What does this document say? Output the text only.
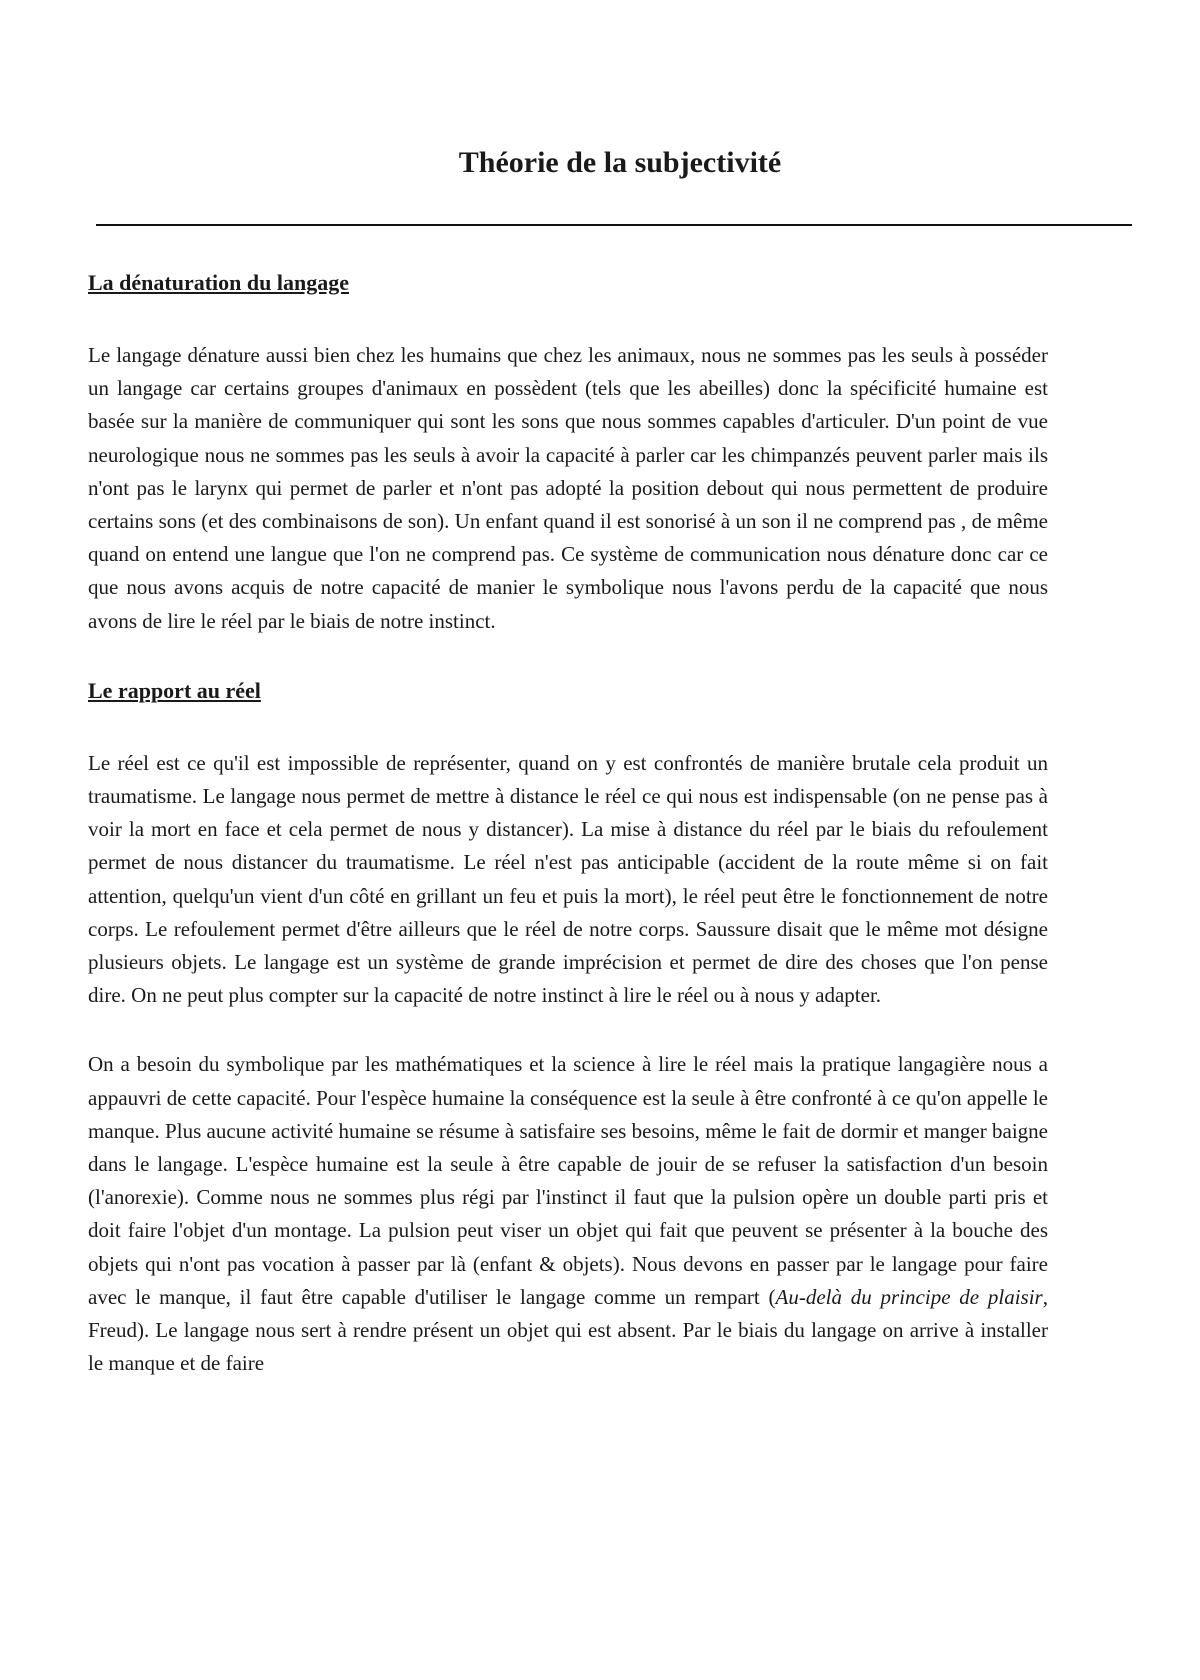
Théorie de la subjectivité
La dénaturation du langage

Le langage dénature aussi bien chez les humains que chez les animaux, nous ne sommes pas les seuls à posséder un langage car certains groupes d'animaux en possèdent (tels que les abeilles) donc la spécificité humaine est basée sur la manière de communiquer qui sont les sons que nous sommes capables d'articuler. D'un point de vue neurologique nous ne sommes pas les seuls à avoir la capacité à parler car les chimpanzés peuvent parler mais ils n'ont pas le larynx qui permet de parler et n'ont pas adopté la position debout qui nous permettent de produire certains sons (et des combinaisons de son). Un enfant quand il est sonorisé à un son il ne comprend pas , de même quand on entend une langue que l'on ne comprend pas. Ce système de communication nous dénature donc car ce que nous avons acquis de notre capacité de manier le symbolique nous l'avons perdu de la capacité que nous avons de lire le réel par le biais de notre instinct.

Le rapport au réel

Le réel est ce qu'il est impossible de représenter, quand on y est confrontés de manière brutale cela produit un traumatisme. Le langage nous permet de mettre à distance le réel ce qui nous est indispensable (on ne pense pas à voir la mort en face et cela permet de nous y distancer). La mise à distance du réel par le biais du refoulement permet de nous distancer du traumatisme. Le réel n'est pas anticipable (accident de la route même si on fait attention, quelqu'un vient d'un côté en grillant un feu et puis la mort), le réel peut être le fonctionnement de notre corps. Le refoulement permet d'être ailleurs que le réel de notre corps. Saussure disait que le même mot désigne plusieurs objets. Le langage est un système de grande imprécision et permet de dire des choses que l'on pense dire. On ne peut plus compter sur la capacité de notre instinct à lire le réel ou à nous y adapter.

On a besoin du symbolique par les mathématiques et la science à lire le réel mais la pratique langagière nous a appauvri de cette capacité. Pour l'espèce humaine la conséquence est la seule à être confronté à ce qu'on appelle le manque. Plus aucune activité humaine se résume à satisfaire ses besoins, même le fait de dormir et manger baigne dans le langage. L'espèce humaine est la seule à être capable de jouir de se refuser la satisfaction d'un besoin (l'anorexie). Comme nous ne sommes plus régi par l'instinct il faut que la pulsion opère un double parti pris et doit faire l'objet d'un montage. La pulsion peut viser un objet qui fait que peuvent se présenter à la bouche des objets qui n'ont pas vocation à passer par là (enfant & objets). Nous devons en passer par le langage pour faire avec le manque, il faut être capable d'utiliser le langage comme un rempart (Au-delà du principe de plaisir, Freud). Le langage nous sert à rendre présent un objet qui est absent. Par le biais du langage on arrive à installer le manque et de faire
